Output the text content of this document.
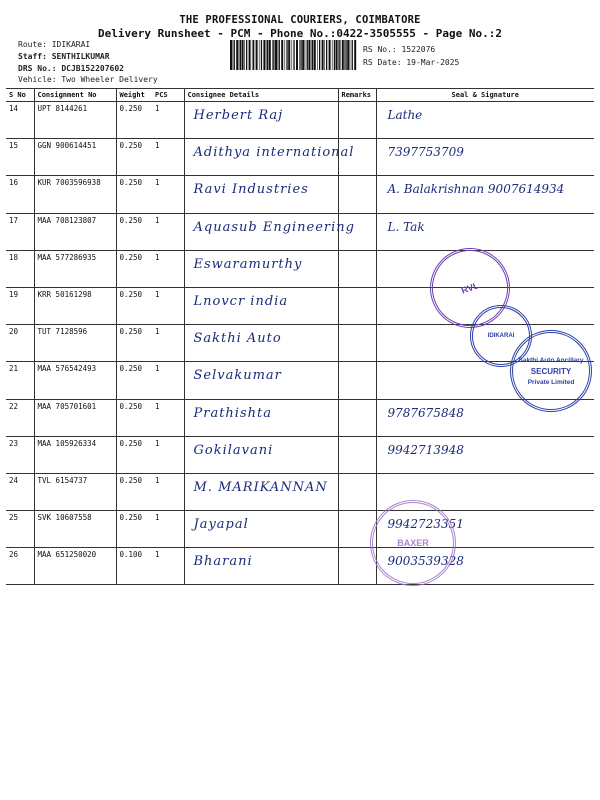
THE PROFESSIONAL COURIERS, COIMBATORE
Delivery Runsheet - PCM - Phone No.:0422-3505555 - Page No.:2
Route: IDIKARAI
Staff: SENTHILKUMAR
DRS No.: DCJB152207602
Vehicle: Two Wheeler Delivery
RS No.: 1522076
RS Date: 19-Mar-2025
S No	Consignment No	Weight	PCS	Consignee Details	Remarks	Seal & Signature
14	UPT 8144261	0.250	1	Herbert Raj		Lathe

15	GGN 900614451	0.250	1	Adithya international		7397753709

16	KUR 7003596938	0.250	1	Ravi Industries		A. Balakrishnan 9007614934

17	MAA 708123807	0.250	1	Aquasub Engineering		L. Tak

18	MAA 577286935	0.250	1	Eswaramurthy		

19	KRR 50161298	0.250	1	Lnovcr india		

20	TUT 7128596	0.250	1	Sakthi Auto		

21	MAA 576542493	0.250	1	Selvakumar		

22	MAA 705701601	0.250	1	Prathishta		9787675848

23	MAA 105926334	0.250	1	Gokilavani		9942713948

24	TVL 6154737	0.250	1	M. MARIKANNAN		

25	SVK 10607558	0.250	1	Jayapal		9942723351

26	MAA 651250020	0.100	1	Bharani		9003539328
RVL
Sakthi Auto Ancillary
SECURITY
Private Limited
IDIKARAI
BAXER
